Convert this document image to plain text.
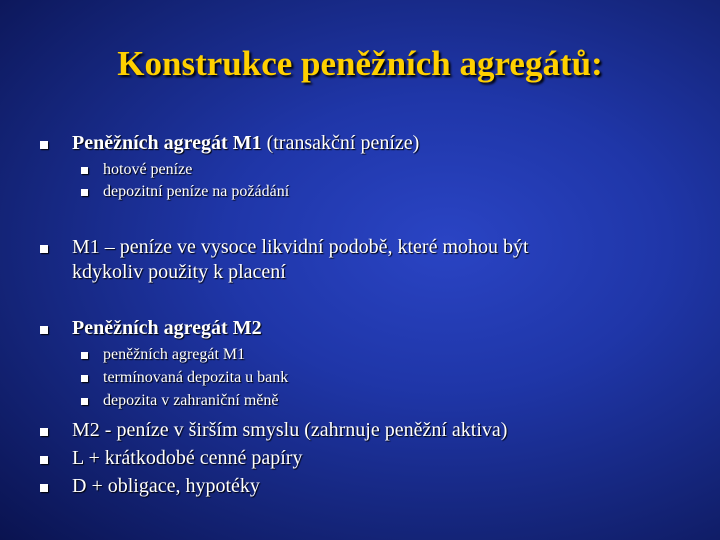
Konstrukce peněžních agregátů:
Peněžních agregát M1 (transakční peníze)
hotové peníze
depozitní peníze na požádání
M1 – peníze ve vysoce likvidní podobě, které mohou být
kdykoliv použity k placení
Peněžních agregát M2
peněžních agregát M1
termínovaná depozita u bank
depozita v zahraniční měně
M2 - peníze v širším smyslu (zahrnuje peněžní aktiva)
L + krátkodobé cenné papíry
D + obligace, hypotéky
